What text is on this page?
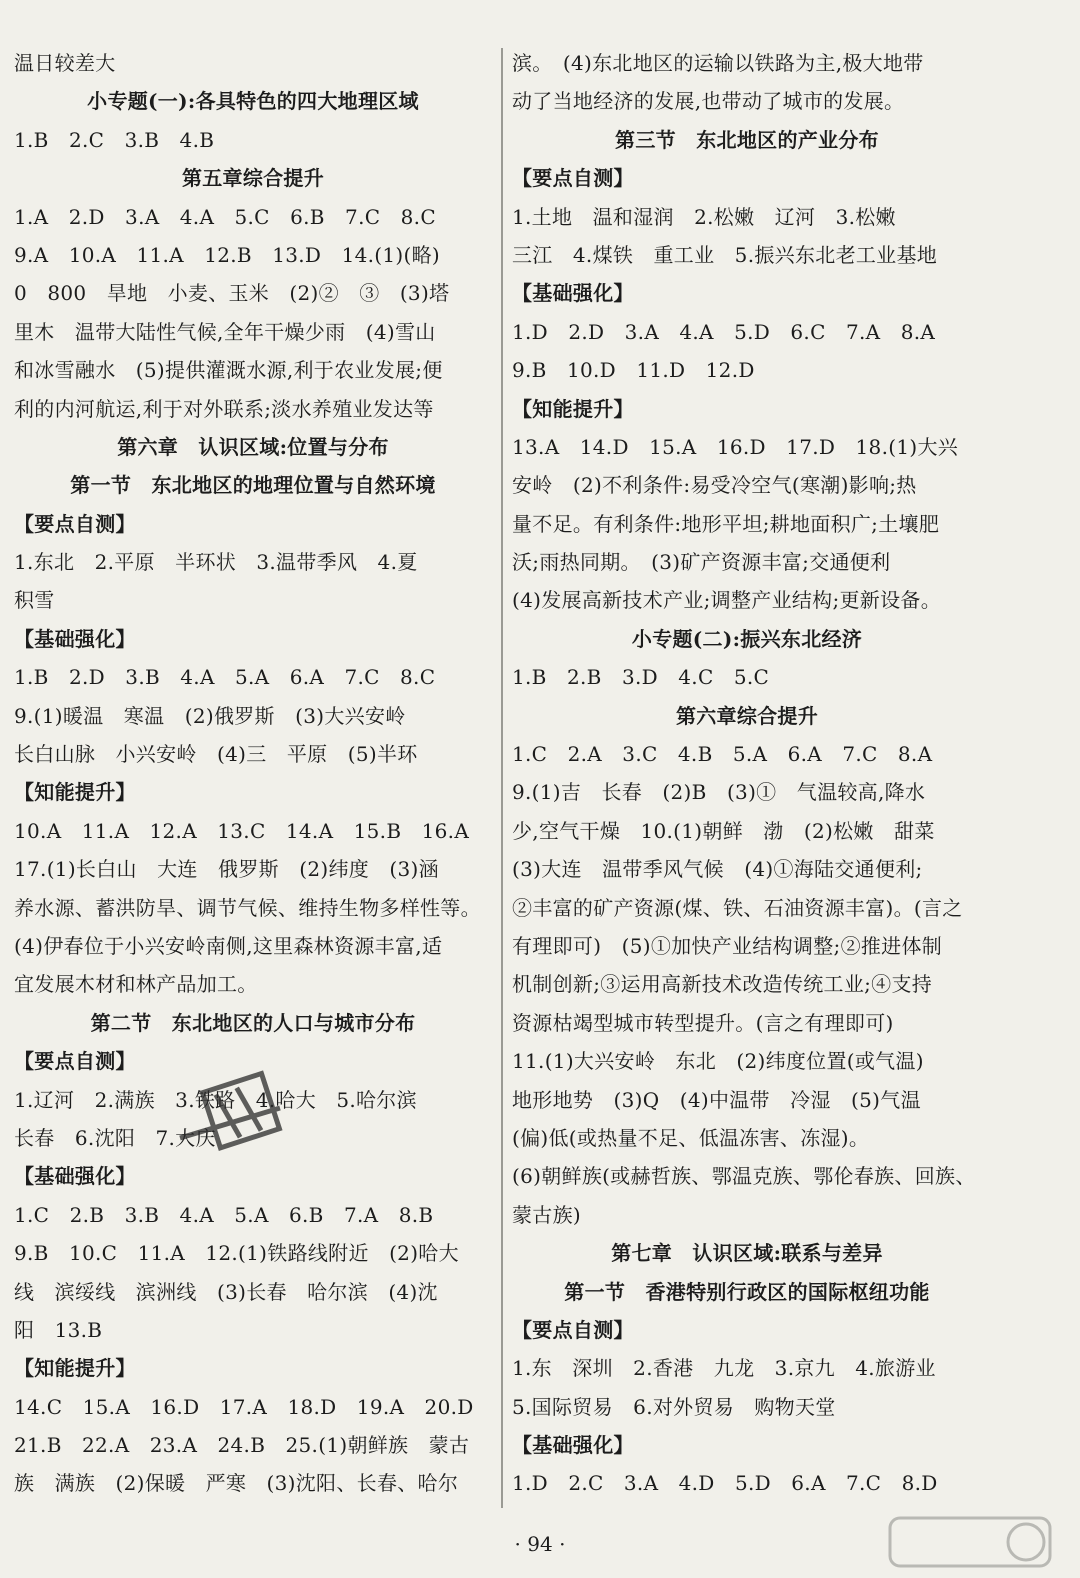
温日较差大
小专题(一):各具特色的四大地理区域
1.B　2.C　3.B　4.B
第五章综合提升
1.A　2.D　3.A　4.A　5.C　6.B　7.C　8.C
9.A　10.A　11.A　12.B　13.D　14.(1)(略)
0　800　旱地　小麦、玉米　(2)②　③　(3)塔
里木　温带大陆性气候,全年干燥少雨　(4)雪山
和冰雪融水　(5)提供灌溉水源,利于农业发展;便
利的内河航运,利于对外联系;淡水养殖业发达等
第六章　认识区域:位置与分布
第一节　东北地区的地理位置与自然环境
【要点自测】
1.东北　2.平原　半环状　3.温带季风　4.夏
积雪
【基础强化】
1.B　2.D　3.B　4.A　5.A　6.A　7.C　8.C
9.(1)暖温　寒温　(2)俄罗斯　(3)大兴安岭
长白山脉　小兴安岭　(4)三　平原　(5)半环
【知能提升】
10.A　11.A　12.A　13.C　14.A　15.B　16.A
17.(1)长白山　大连　俄罗斯　(2)纬度　(3)涵
养水源、蓄洪防旱、调节气候、维持生物多样性等。
(4)伊春位于小兴安岭南侧,这里森林资源丰富,适
宜发展木材和林产品加工。
第二节　东北地区的人口与城市分布
【要点自测】
1.辽河　2.满族　3.铁路　4.哈大　5.哈尔滨
长春　6.沈阳　7.大庆
【基础强化】
1.C　2.B　3.B　4.A　5.A　6.B　7.A　8.B
9.B　10.C　11.A　12.(1)铁路线附近　(2)哈大
线　滨绥线　滨洲线　(3)长春　哈尔滨　(4)沈
阳　13.B
【知能提升】
14.C　15.A　16.D　17.A　18.D　19.A　20.D
21.B　22.A　23.A　24.B　25.(1)朝鲜族　蒙古
族　满族　(2)保暖　严寒　(3)沈阳、长春、哈尔
滨。　(4)东北地区的运输以铁路为主,极大地带
动了当地经济的发展,也带动了城市的发展。
第三节　东北地区的产业分布
【要点自测】
1.土地　温和湿润　2.松嫩　辽河　3.松嫩
三江　4.煤铁　重工业　5.振兴东北老工业基地
【基础强化】
1.D　2.D　3.A　4.A　5.D　6.C　7.A　8.A
9.B　10.D　11.D　12.D
【知能提升】
13.A　14.D　15.A　16.D　17.D　18.(1)大兴
安岭　(2)不利条件:易受冷空气(寒潮)影响;热
量不足。有利条件:地形平坦;耕地面积广;土壤肥
沃;雨热同期。　(3)矿产资源丰富;交通便利
(4)发展高新技术产业;调整产业结构;更新设备。
小专题(二):振兴东北经济
1.B　2.B　3.D　4.C　5.C
第六章综合提升
1.C　2.A　3.C　4.B　5.A　6.A　7.C　8.A
9.(1)吉　长春　(2)B　(3)①　气温较高,降水
少,空气干燥　10.(1)朝鲜　渤　(2)松嫩　甜菜
(3)大连　温带季风气候　(4)①海陆交通便利;
②丰富的矿产资源(煤、铁、石油资源丰富)。(言之
有理即可)　(5)①加快产业结构调整;②推进体制
机制创新;③运用高新技术改造传统工业;④支持
资源枯竭型城市转型提升。(言之有理即可)
11.(1)大兴安岭　东北　(2)纬度位置(或气温)
地形地势　(3)Q　(4)中温带　冷湿　(5)气温
(偏)低(或热量不足、低温冻害、冻湿)。
(6)朝鲜族(或赫哲族、鄂温克族、鄂伦春族、回族、
蒙古族)
第七章　认识区域:联系与差异
第一节　香港特别行政区的国际枢纽功能
【要点自测】
1.东　深圳　2.香港　九龙　3.京九　4.旅游业
5.国际贸易　6.对外贸易　购物天堂
【基础强化】
1.D　2.C　3.A　4.D　5.D　6.A　7.C　8.D
· 94 ·
